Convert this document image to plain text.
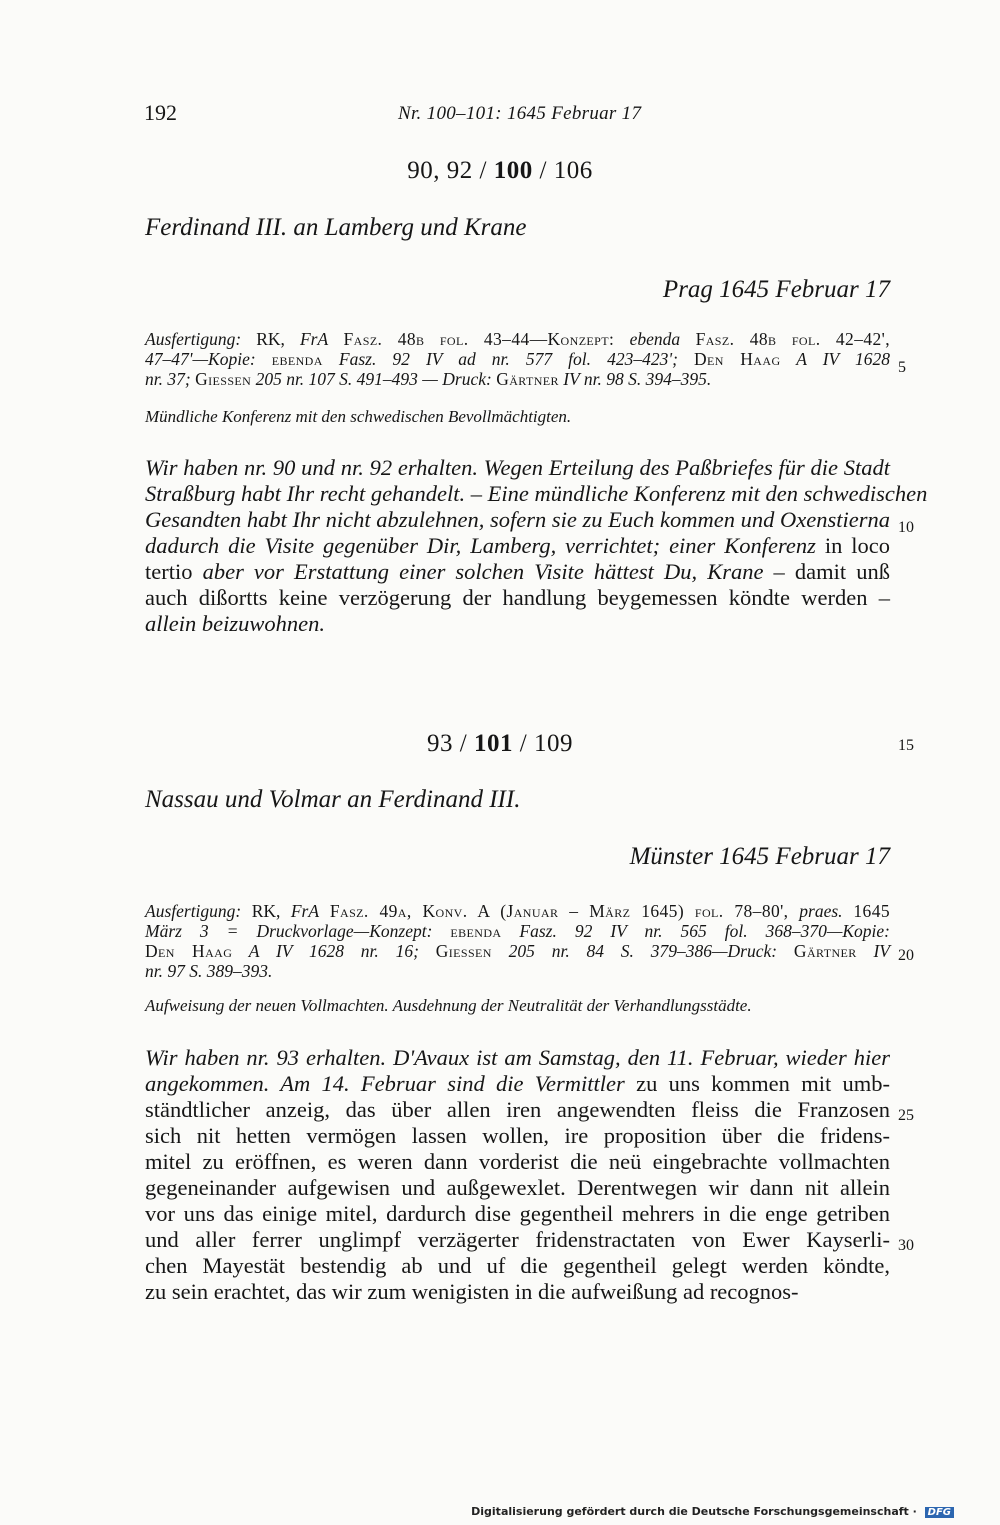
192	Nr. 100–101: 1645 Februar 17
90, 92 / 100 / 106
Ferdinand III. an Lamberg und Krane
Prag 1645 Februar 17
Ausfertigung: RK, FrA Fasz. 48b fol. 43–44—Konzept: ebenda Fasz. 48b fol. 42–42',
47–47'—Kopie: ebenda Fasz. 92 IV ad nr. 577 fol. 423–423'; Den Haag A IV 1628
nr. 37; Giessen 205 nr. 107 S. 491–493 — Druck: Gärtner IV nr. 98 S. 394–395.
Mündliche Konferenz mit den schwedischen Bevollmächtigten.
Wir haben nr. 90 und nr. 92 erhalten. Wegen Erteilung des Paßbriefes für die Stadt
Straßburg habt Ihr recht gehandelt. – Eine mündliche Konferenz mit den schwedischen
Gesandten habt Ihr nicht abzulehnen, sofern sie zu Euch kommen und Oxenstierna
dadurch die Visite gegenüber Dir, Lamberg, verrichtet; einer Konferenz in loco
tertio aber vor Erstattung einer solchen Visite hättest Du, Krane – damit unß
auch dißortts keine verzögerung der handlung beygemessen köndte werden –
allein beizuwohnen.
93 / 101 / 109
Nassau und Volmar an Ferdinand III.
Münster 1645 Februar 17
Ausfertigung: RK, FrA Fasz. 49a, Konv. A (Januar – März 1645) fol. 78–80', praes. 1645
März 3 = Druckvorlage—Konzept: ebenda Fasz. 92 IV nr. 565 fol. 368–370—Kopie:
Den Haag A IV 1628 nr. 16; Giessen 205 nr. 84 S. 379–386—Druck: Gärtner IV
nr. 97 S. 389–393.
Aufweisung der neuen Vollmachten. Ausdehnung der Neutralität der Verhandlungsstädte.
Wir haben nr. 93 erhalten. D'Avaux ist am Samstag, den 11. Februar, wieder hier
angekommen. Am 14. Februar sind die Vermittler zu uns kommen mit umb-
ständtlicher anzeig, das über allen iren angewendten fleiss die Franzosen
sich nit hetten vermögen lassen wollen, ire proposition über die fridens-
mitel zu eröffnen, es weren dann vorderist die neü eingebrachte vollmachten
gegeneinander aufgewisen und außgewexlet. Derentwegen wir dann nit allein
vor uns das einige mitel, dardurch dise gegentheil mehrers in die enge getriben
und aller ferrer unglimpf verzägerter fridenstractaten von Ewer Kayserli-
chen Mayestät bestendig ab und uf die gegentheil gelegt werden köndte,
zu sein erachtet, das wir zum wenigisten in die aufweißung ad recognos-
5
10
15
20
25
30
Digitalisierung gefördert durch die Deutsche Forschungsgemeinschaft · DFG
